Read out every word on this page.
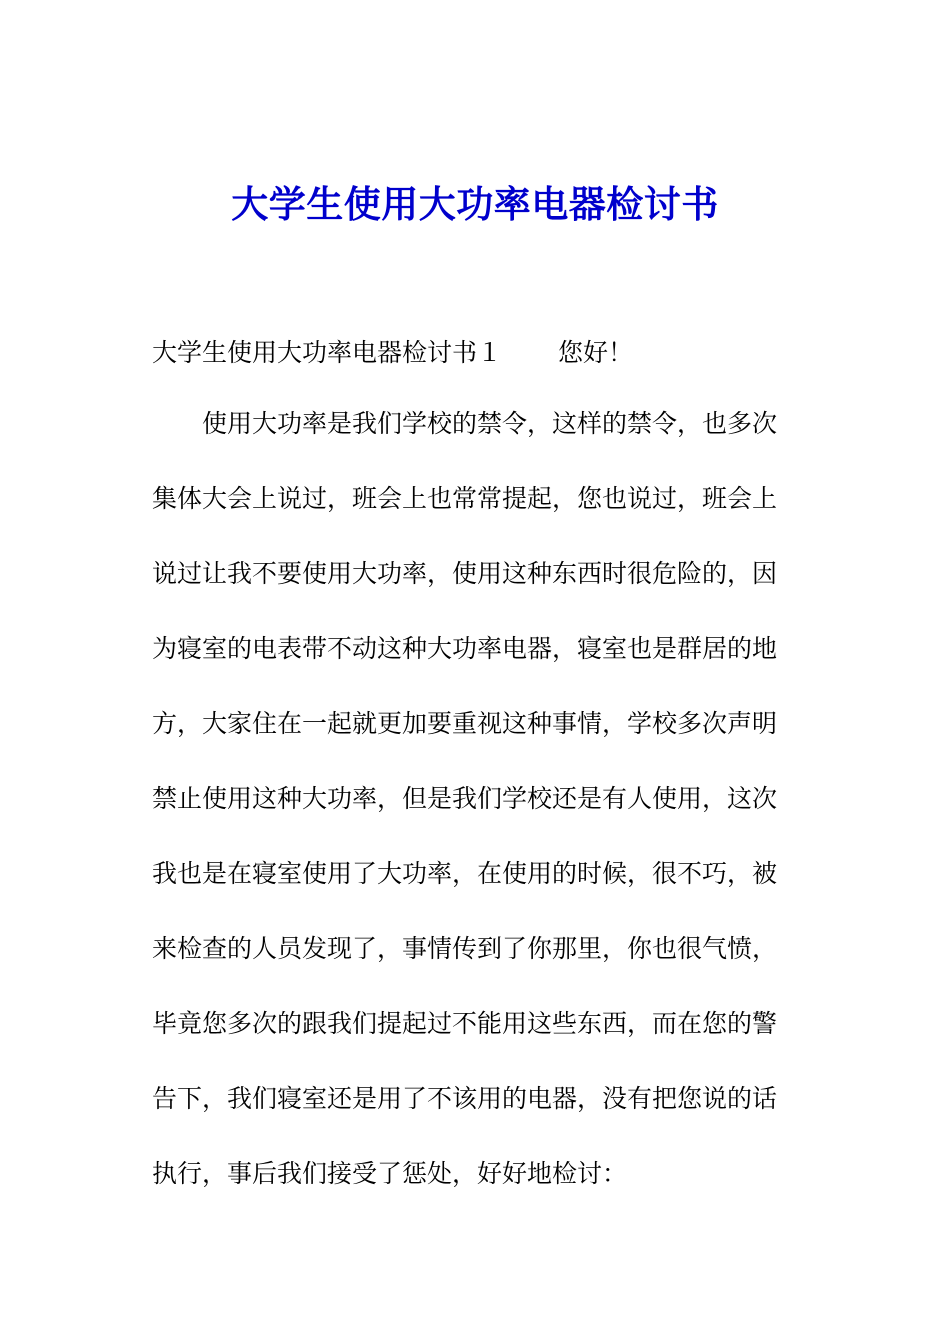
大学生使用大功率电器检讨书

大学生使用大功率电器检讨书１ 您好！

　　使用大功率是我们学校的禁令，这样的禁令，也多次

集体大会上说过，班会上也常常提起，您也说过，班会上

说过让我不要使用大功率，使用这种东西时很危险的，因

为寝室的电表带不动这种大功率电器，寝室也是群居的地

方，大家住在一起就更加要重视这种事情，学校多次声明

禁止使用这种大功率，但是我们学校还是有人使用，这次

我也是在寝室使用了大功率，在使用的时候，很不巧，被

来检查的人员发现了，事情传到了你那里，你也很气愤，

毕竟您多次的跟我们提起过不能用这些东西，而在您的警

告下，我们寝室还是用了不该用的电器，没有把您说的话

执行，事后我们接受了惩处，好好地检讨：
